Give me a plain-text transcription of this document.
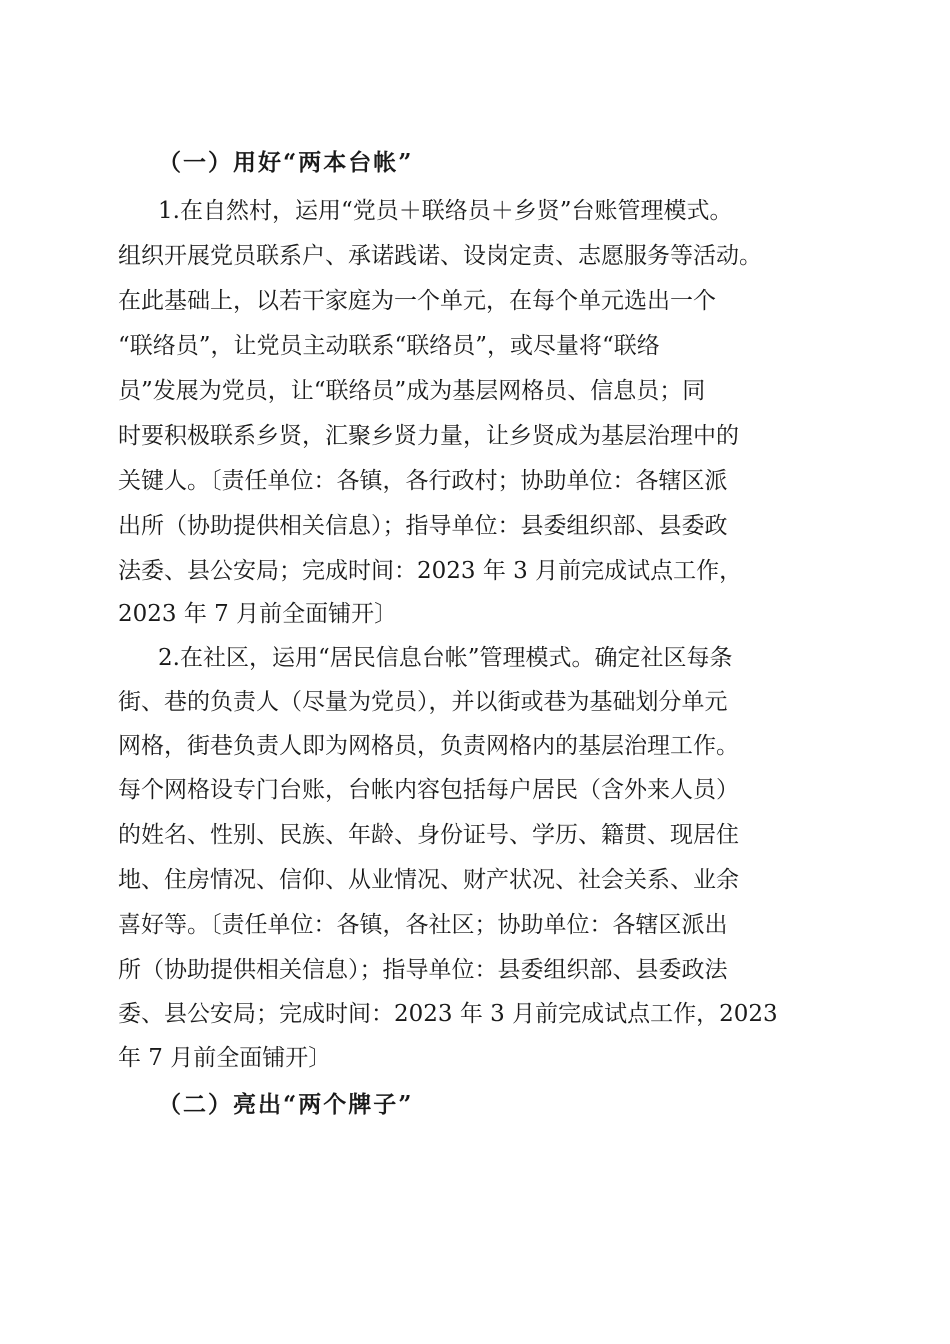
（一）用好“两本台帐”

1.在自然村，运用“党员＋联络员＋乡贤”台账管理模式。

组织开展党员联系户、承诺践诺、设岗定责、志愿服务等活动。

在此基础上，以若干家庭为一个单元，在每个单元选出一个

“联络员”，让党员主动联系“联络员”，或尽量将“联络

员”发展为党员，让“联络员”成为基层网格员、信息员；同

时要积极联系乡贤，汇聚乡贤力量，让乡贤成为基层治理中的

关键人。〔责任单位：各镇，各行政村；协助单位：各辖区派

出所（协助提供相关信息）；指导单位：县委组织部、县委政

法委、县公安局；完成时间：2023 年 3 月前完成试点工作，

2023 年 7 月前全面铺开〕

2.在社区，运用“居民信息台帐”管理模式。确定社区每条

街、巷的负责人（尽量为党员），并以街或巷为基础划分单元

网格，街巷负责人即为网格员，负责网格内的基层治理工作。

每个网格设专门台账，台帐内容包括每户居民（含外来人员）

的姓名、性别、民族、年龄、身份证号、学历、籍贯、现居住

地、住房情况、信仰、从业情况、财产状况、社会关系、业余

喜好等。〔责任单位：各镇，各社区；协助单位：各辖区派出

所（协助提供相关信息）；指导单位：县委组织部、县委政法

委、县公安局；完成时间：2023 年 3 月前完成试点工作，2023

年 7 月前全面铺开〕

（二）亮出“两个牌子”
